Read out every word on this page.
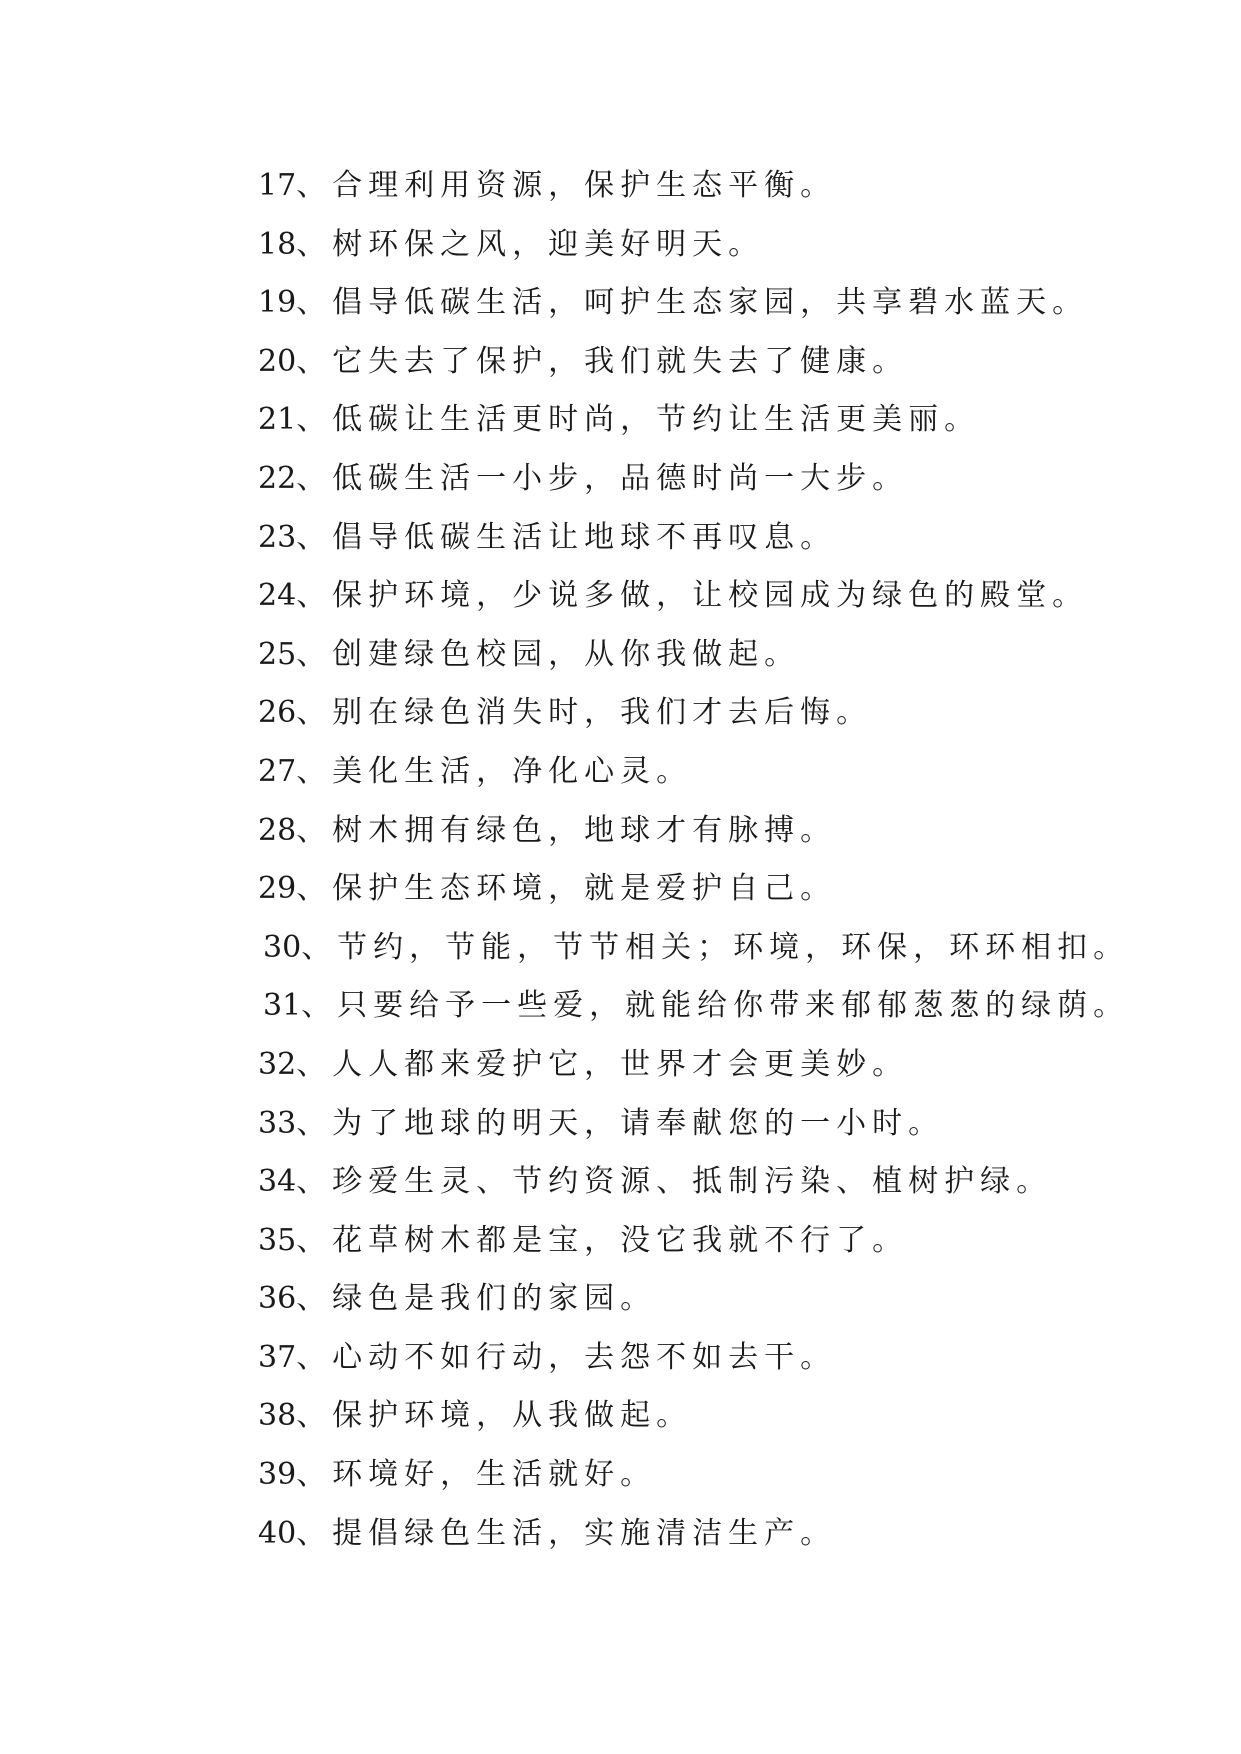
17、合理利用资源，保护生态平衡。
18、树环保之风，迎美好明天。
19、倡导低碳生活，呵护生态家园，共享碧水蓝天。
20、它失去了保护，我们就失去了健康。
21、低碳让生活更时尚，节约让生活更美丽。
22、低碳生活一小步，品德时尚一大步。
23、倡导低碳生活让地球不再叹息。
24、保护环境，少说多做，让校园成为绿色的殿堂。
25、创建绿色校园，从你我做起。
26、别在绿色消失时，我们才去后悔。
27、美化生活，净化心灵。
28、树木拥有绿色，地球才有脉搏。
29、保护生态环境，就是爱护自己。
30、节约，节能，节节相关；环境，环保，环环相扣。
31、只要给予一些爱，就能给你带来郁郁葱葱的绿荫。
32、人人都来爱护它，世界才会更美妙。
33、为了地球的明天，请奉献您的一小时。
34、珍爱生灵、节约资源、抵制污染、植树护绿。
35、花草树木都是宝，没它我就不行了。
36、绿色是我们的家园。
37、心动不如行动，去怨不如去干。
38、保护环境，从我做起。
39、环境好，生活就好。
40、提倡绿色生活，实施清洁生产。
